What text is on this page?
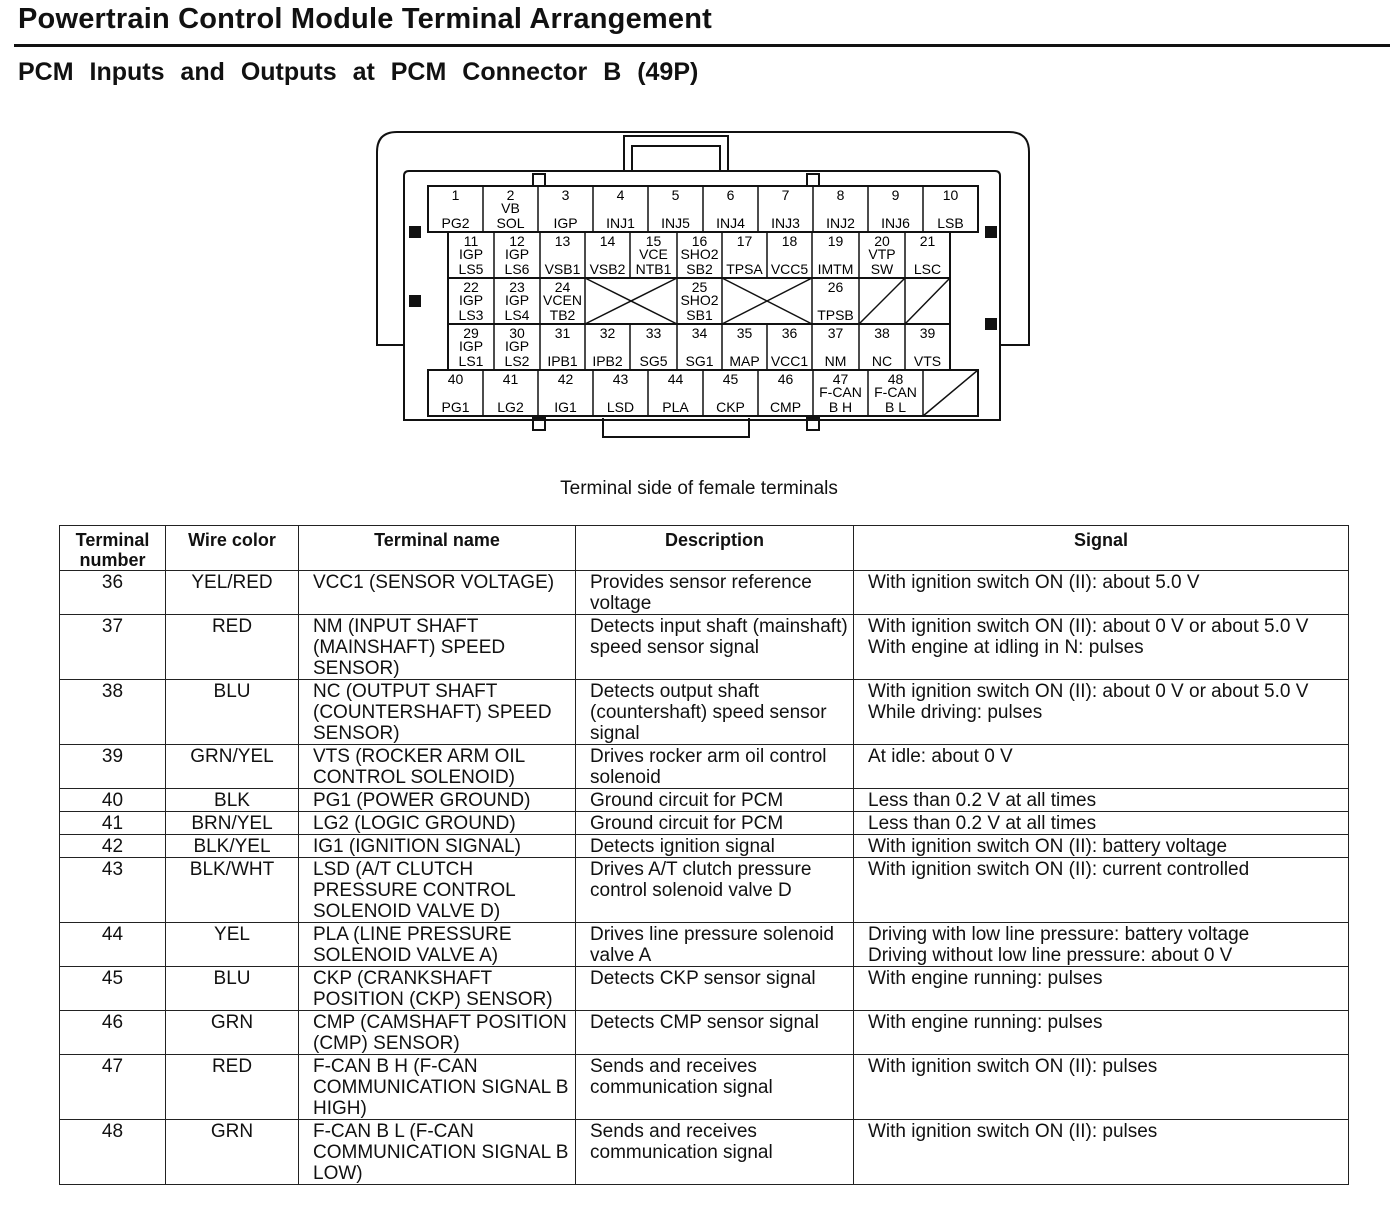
Powertrain Control Module Terminal Arrangement
PCM Inputs and Outputs at PCM Connector B (49P)
1
PG2
2
VB
SOL
3
IGP
4
INJ1
5
INJ5
6
INJ4
7
INJ3
8
INJ2
9
INJ6
10
LSB
11
IGP
LS5
12
IGP
LS6
13
VSB1
14
VSB2
15
VCE
NTB1
16
SHO2
SB2
17
TPSA
18
VCC5
19
IMTM
20
VTP
SW
21
LSC
22
IGP
LS3
23
IGP
LS4
24
VCEN
TB2
25
SHO2
SB1
26
TPSB
29
IGP
LS1
30
IGP
LS2
31
IPB1
32
IPB2
33
SG5
34
SG1
35
MAP
36
VCC1
37
NM
38
NC
39
VTS
40
PG1
41
LG2
42
IG1
43
LSD
44
PLA
45
CKP
46
CMP
47
F-CAN
B H
48
F-CAN
B L
Terminal side of female terminals
Terminal number	Wire color	Terminal name	Description	Signal
36	YEL/RED	VCC1 (SENSOR VOLTAGE)	Provides sensor reference voltage	With ignition switch ON (II): about 5.0 V
37	RED	NM (INPUT SHAFT (MAINSHAFT) SPEED SENSOR)	Detects input shaft (mainshaft) speed sensor signal	With ignition switch ON (II): about 0 V or about 5.0 V
With engine at idling in N: pulses
38	BLU	NC (OUTPUT SHAFT (COUNTERSHAFT) SPEED SENSOR)	Detects output shaft (countershaft) speed sensor signal	With ignition switch ON (II): about 0 V or about 5.0 V
While driving: pulses
39	GRN/YEL	VTS (ROCKER ARM OIL CONTROL SOLENOID)	Drives rocker arm oil control solenoid	At idle: about 0 V
40	BLK	PG1 (POWER GROUND)	Ground circuit for PCM	Less than 0.2 V at all times
41	BRN/YEL	LG2 (LOGIC GROUND)	Ground circuit for PCM	Less than 0.2 V at all times
42	BLK/YEL	IG1 (IGNITION SIGNAL)	Detects ignition signal	With ignition switch ON (II): battery voltage
43	BLK/WHT	LSD (A/T CLUTCH PRESSURE CONTROL SOLENOID VALVE D)	Drives A/T clutch pressure control solenoid valve D	With ignition switch ON (II): current controlled
44	YEL	PLA (LINE PRESSURE SOLENOID VALVE A)	Drives line pressure solenoid valve A	Driving with low line pressure: battery voltage
Driving without low line pressure: about 0 V
45	BLU	CKP (CRANKSHAFT POSITION (CKP) SENSOR)	Detects CKP sensor signal	With engine running: pulses
46	GRN	CMP (CAMSHAFT POSITION (CMP) SENSOR)	Detects CMP sensor signal	With engine running: pulses
47	RED	F-CAN B H (F-CAN COMMUNICATION SIGNAL B HIGH)	Sends and receives communication signal	With ignition switch ON (II): pulses
48	GRN	F-CAN B L (F-CAN COMMUNICATION SIGNAL B LOW)	Sends and receives communication signal	With ignition switch ON (II): pulses
